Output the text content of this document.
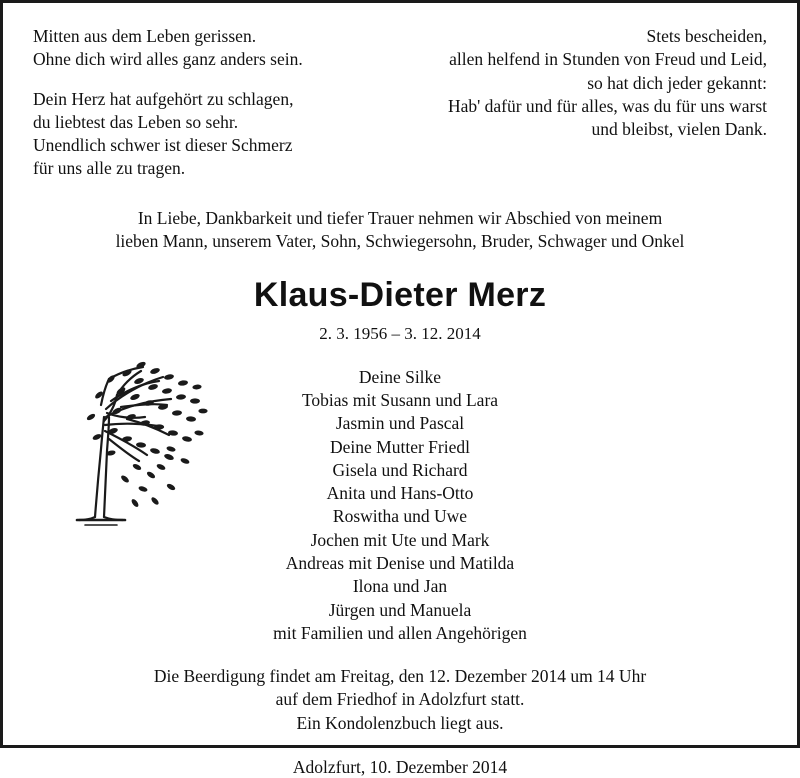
Mitten aus dem Leben gerissen.
Ohne dich wird alles ganz anders sein.
Dein Herz hat aufgehört zu schlagen,
du liebtest das Leben so sehr.
Unendlich schwer ist dieser Schmerz
für uns alle zu tragen.
Stets bescheiden,
allen helfend in Stunden von Freud und Leid,
so hat dich jeder gekannt:
Hab' dafür und für alles, was du für uns warst
und bleibst, vielen Dank.
In Liebe, Dankbarkeit und tiefer Trauer nehmen wir Abschied von meinem
lieben Mann, unserem Vater, Sohn, Schwiegersohn, Bruder, Schwager und Onkel
Klaus-Dieter Merz
2. 3. 1956 – 3. 12. 2014
Deine Silke
Tobias mit Susann und Lara
Jasmin und Pascal
Deine Mutter Friedl
Gisela und Richard
Anita und Hans-Otto
Roswitha und Uwe
Jochen mit Ute und Mark
Andreas mit Denise und Matilda
Ilona und Jan
Jürgen und Manuela
mit Familien und allen Angehörigen
Die Beerdigung findet am Freitag, den 12. Dezember 2014 um 14 Uhr
auf dem Friedhof in Adolzfurt statt.
Ein Kondolenzbuch liegt aus.
Adolzfurt, 10. Dezember 2014
